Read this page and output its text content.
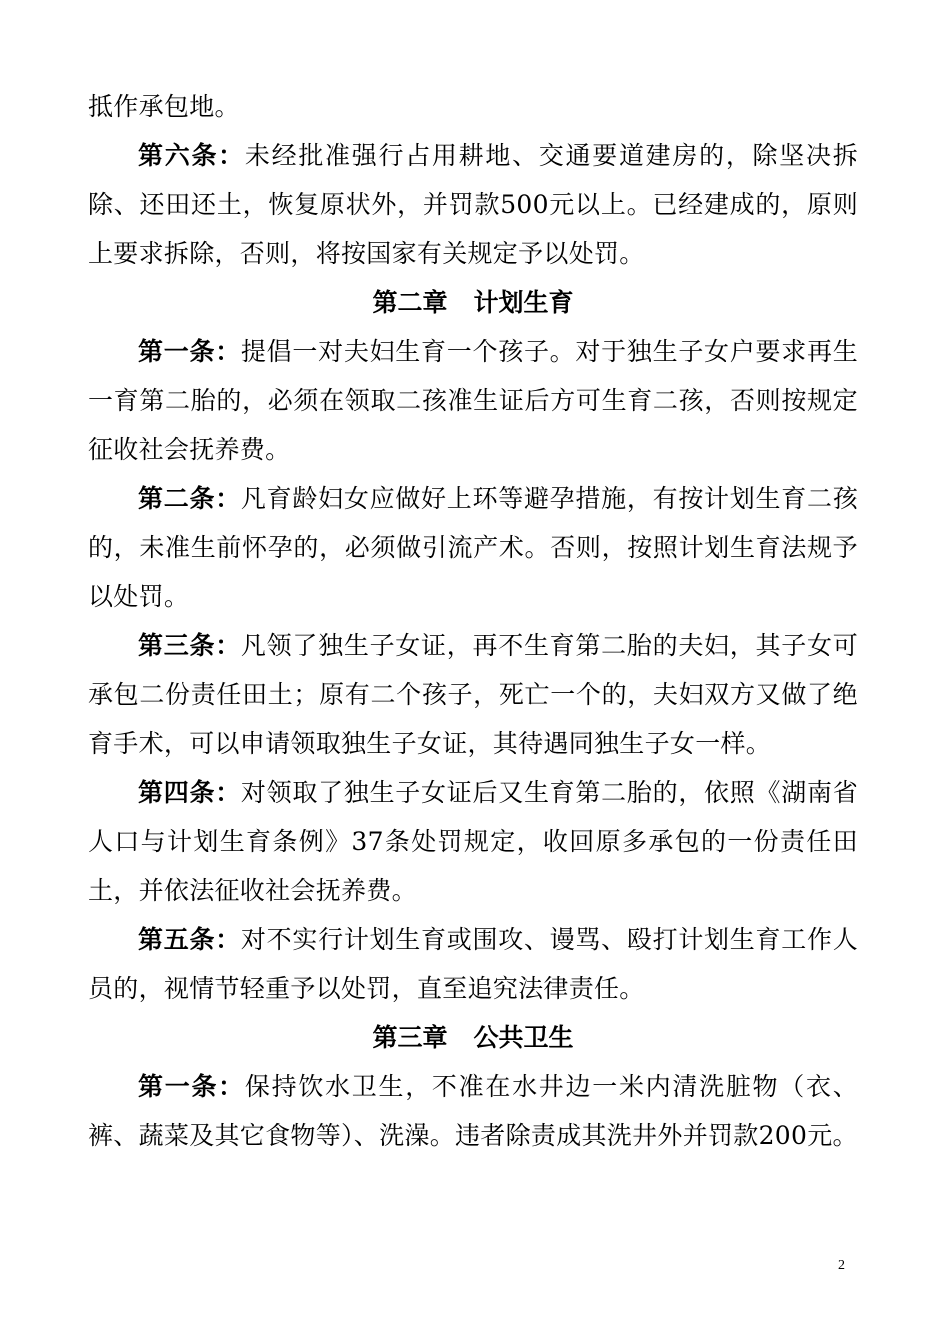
抵作承包地。

第六条：未经批准强行占用耕地、交通要道建房的，除坚决拆除、还田还土，恢复原状外，并罚款500元以上。已经建成的，原则上要求拆除，否则，将按国家有关规定予以处罚。

第二章 计划生育

第一条：提倡一对夫妇生育一个孩子。对于独生子女户要求再生一育第二胎的，必须在领取二孩准生证后方可生育二孩，否则按规定征收社会抚养费。

第二条：凡育龄妇女应做好上环等避孕措施，有按计划生育二孩的，未准生前怀孕的，必须做引流产术。否则，按照计划生育法规予以处罚。

第三条：凡领了独生子女证，再不生育第二胎的夫妇，其子女可承包二份责任田土；原有二个孩子，死亡一个的，夫妇双方又做了绝育手术，可以申请领取独生子女证，其待遇同独生子女一样。

第四条：对领取了独生子女证后又生育第二胎的，依照《湖南省人口与计划生育条例》37条处罚规定，收回原多承包的一份责任田土，并依法征收社会抚养费。

第五条：对不实行计划生育或围攻、谩骂、殴打计划生育工作人员的，视情节轻重予以处罚，直至追究法律责任。

第三章 公共卫生

第一条：保持饮水卫生，不准在水井边一米内清洗脏物（衣、裤、蔬菜及其它食物等）、洗澡。违者除责成其洗井外并罚款200元。

2
